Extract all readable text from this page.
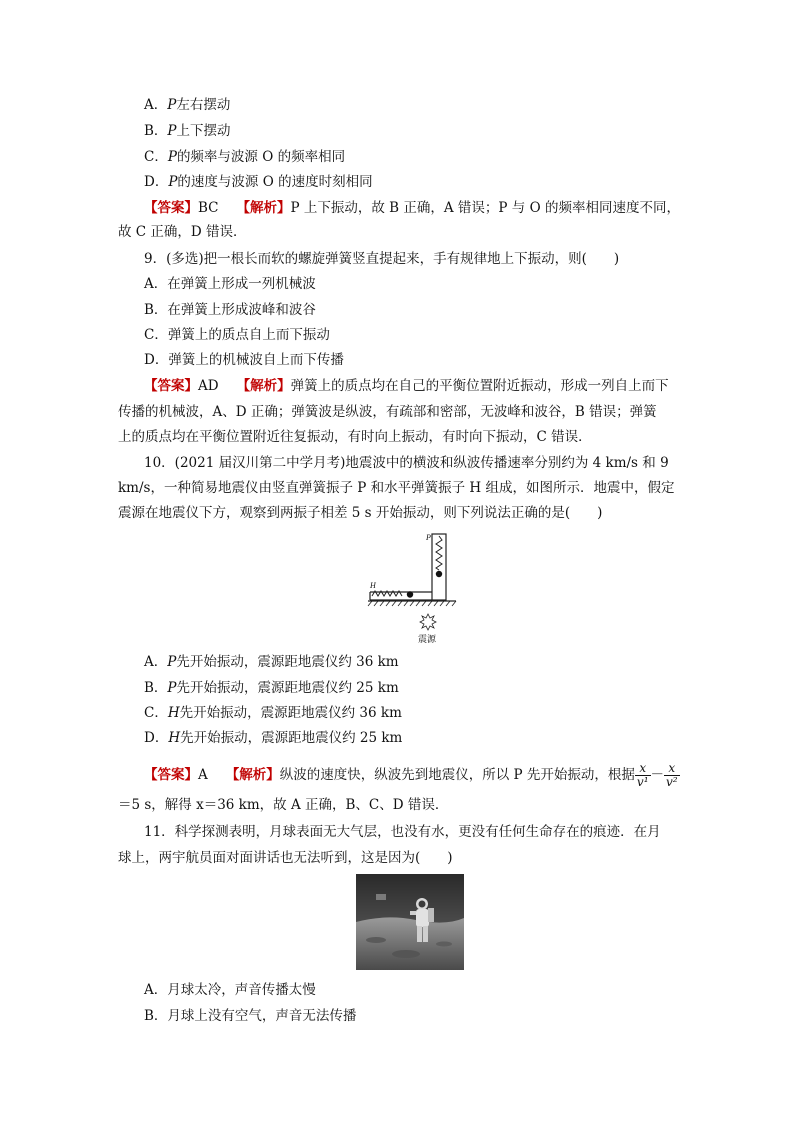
A．P左右摆动
B．P上下摆动
C．P的频率与波源 O 的频率相同
D．P的速度与波源 O 的速度时刻相同
【答案】BC 【解析】P 上下振动，故 B 正确，A 错误；P 与 O 的频率相同速度不同，
故 C 正确，D 错误．
9．(多选)把一根长而软的螺旋弹簧竖直提起来，手有规律地上下振动，则(　　)
A．在弹簧上形成一列机械波
B．在弹簧上形成波峰和波谷
C．弹簧上的质点自上而下振动
D．弹簧上的机械波自上而下传播
【答案】AD 【解析】弹簧上的质点均在自己的平衡位置附近振动，形成一列自上而下
传播的机械波，A、D 正确；弹簧波是纵波，有疏部和密部，无波峰和波谷，B 错误；弹簧
上的质点均在平衡位置附近往复振动，有时向上振动，有时向下振动，C 错误．
10．(2021 届汉川第二中学月考)地震波中的横波和纵波传播速率分别约为 4 km/s 和 9
km/s，一种简易地震仪由竖直弹簧振子 P 和水平弹簧振子 H 组成，如图所示．地震中，假定
震源在地震仪下方，观察到两振子相差 5 s 开始振动，则下列说法正确的是(　　)
P
H
震源
A．P先开始振动，震源距地震仪约 36 km
B．P先开始振动，震源距地震仪约 25 km
C．H先开始振动，震源距地震仪约 36 km
D．H先开始振动，震源距地震仪约 25 km
【答案】A 【解析】纵波的速度快，纵波先到地震仪，所以 P 先开始振动，根据 $\frac{x}{\text{v¹}} - \frac{x}{\text{v²}}$
＝5 s，解得 x＝36 km，故 A 正确，B、C、D 错误．
11．科学探测表明，月球表面无大气层，也没有水，更没有任何生命存在的痕迹．在月
球上，两宇航员面对面讲话也无法听到，这是因为(　　)
A．月球太冷，声音传播太慢
B．月球上没有空气，声音无法传播
